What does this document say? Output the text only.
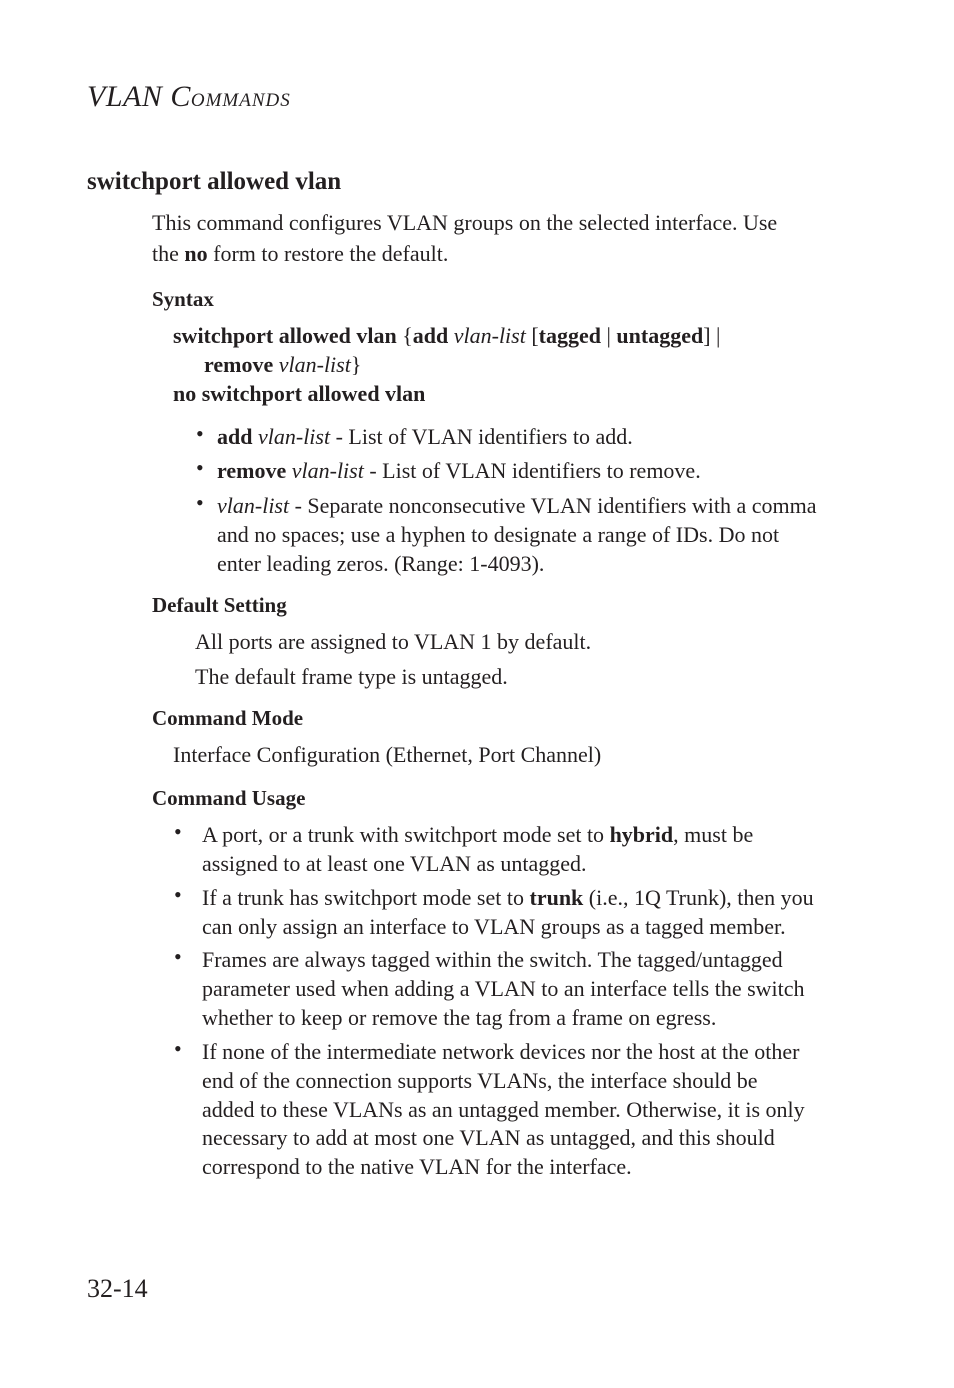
VLAN COMMANDS
switchport allowed vlan
This command configures VLAN groups on the selected interface. Use
the no form to restore the default.
Syntax
switchport allowed vlan {add vlan-list [tagged | untagged] |
remove vlan-list}
no switchport allowed vlan
• add vlan-list - List of VLAN identifiers to add.
• remove vlan-list - List of VLAN identifiers to remove.
• vlan-list - Separate nonconsecutive VLAN identifiers with a comma
and no spaces; use a hyphen to designate a range of IDs. Do not
enter leading zeros. (Range: 1-4093).
Default Setting
All ports are assigned to VLAN 1 by default.
The default frame type is untagged.
Command Mode
Interface Configuration (Ethernet, Port Channel)
Command Usage
• A port, or a trunk with switchport mode set to hybrid, must be
assigned to at least one VLAN as untagged.
• If a trunk has switchport mode set to trunk (i.e., 1Q Trunk), then you
can only assign an interface to VLAN groups as a tagged member.
• Frames are always tagged within the switch. The tagged/untagged
parameter used when adding a VLAN to an interface tells the switch
whether to keep or remove the tag from a frame on egress.
• If none of the intermediate network devices nor the host at the other
end of the connection supports VLANs, the interface should be
added to these VLANs as an untagged member. Otherwise, it is only
necessary to add at most one VLAN as untagged, and this should
correspond to the native VLAN for the interface.
32-14
